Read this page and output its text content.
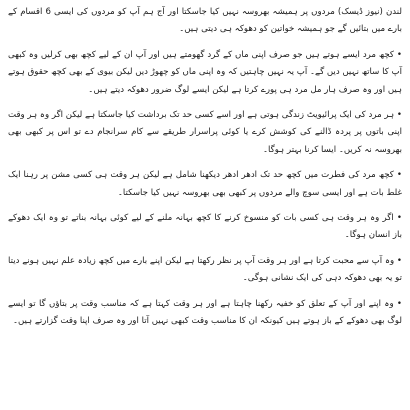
لندن (نیوز ڈیسک) مردوں پر ہمیشہ بھروسہ نہیں کیا جاسکتا اور آج ہم آپ کو مردوں کی ایسی 6 اقسام کے بارے میں بتائیں گے جو ہمیشہ خواتین کو دھوکہ ہی دیتی ہیں۔

• کچھ مرد ایسے ہوتے ہیں جو صرف اپنی ماں کے گرد گھومتے ہیں اور آپ ان کے لیے کچھ بھی کرلیں وہ کبھی آپ کا ساتھ نہیں دیں گے۔ آپ یہ نہیں چاہتیں کہ وہ اپنی ماں کو چھوڑ دیں لیکن بیوی کے بھی کچھ حقوق ہوتے ہیں اور وہ صرف ہار مل مرد ہی پورے کرتا ہے لیکن ایسے لوگ ضرور دھوکہ دیتے ہیں۔

• ہر مرد کی ایک پرائیویٹ زندگی ہوتی ہے اور اسے کسی حد تک برداشت کیا جاسکتا ہے لیکن اگر وہ ہر وقت اپنی باتوں پر پردہ ڈالنے کی کوشش کرے یا کوئی پراسرار طریقے سے کام سرانجام دے تو اس پر کبھی بھی بھروسہ نہ کریں۔ ایسا کرنا بہتر ہوگا۔

• کچھ مرد کی فطرت میں کچھ حد تک ادھر ادھر دیکھنا شامل ہے لیکن ہر وقت ہی کسی مشن پر رہنا ایک غلط بات ہے اور ایسی سوچ والے مردوں پر کبھی بھی بھروسہ نہیں کیا جاسکتا۔

• اگر وہ ہر وقت ہی کسی بات کو منسوخ کرنے کا کچھ بہانہ ملنے کے لیے کوئی بہانہ بناتے تو وہ ایک دھوکے باز انسان ہوگا۔

• وہ آپ سے محبت کرتا ہے اور ہر وقت آپ پر نظر رکھتا ہے لیکن اپنے بارے میں کچھ زیادہ علم نہیں ہونے دیتا تو یہ بھی دھوکہ دہی کی ایک نشانی ہوگی۔

• وہ اپنے اور آپ کے تعلق کو خفیہ رکھنا چاہتا ہے اور ہر وقت کہتا ہے کہ مناسب وقت پر بتاؤں گا تو ایسے لوگ بھی دھوکے کے باز ہوتے ہیں کیونکہ ان کا مناسب وقت کبھی نہیں آتا اور وہ صرف اپنا وقت گزارتے ہیں۔
